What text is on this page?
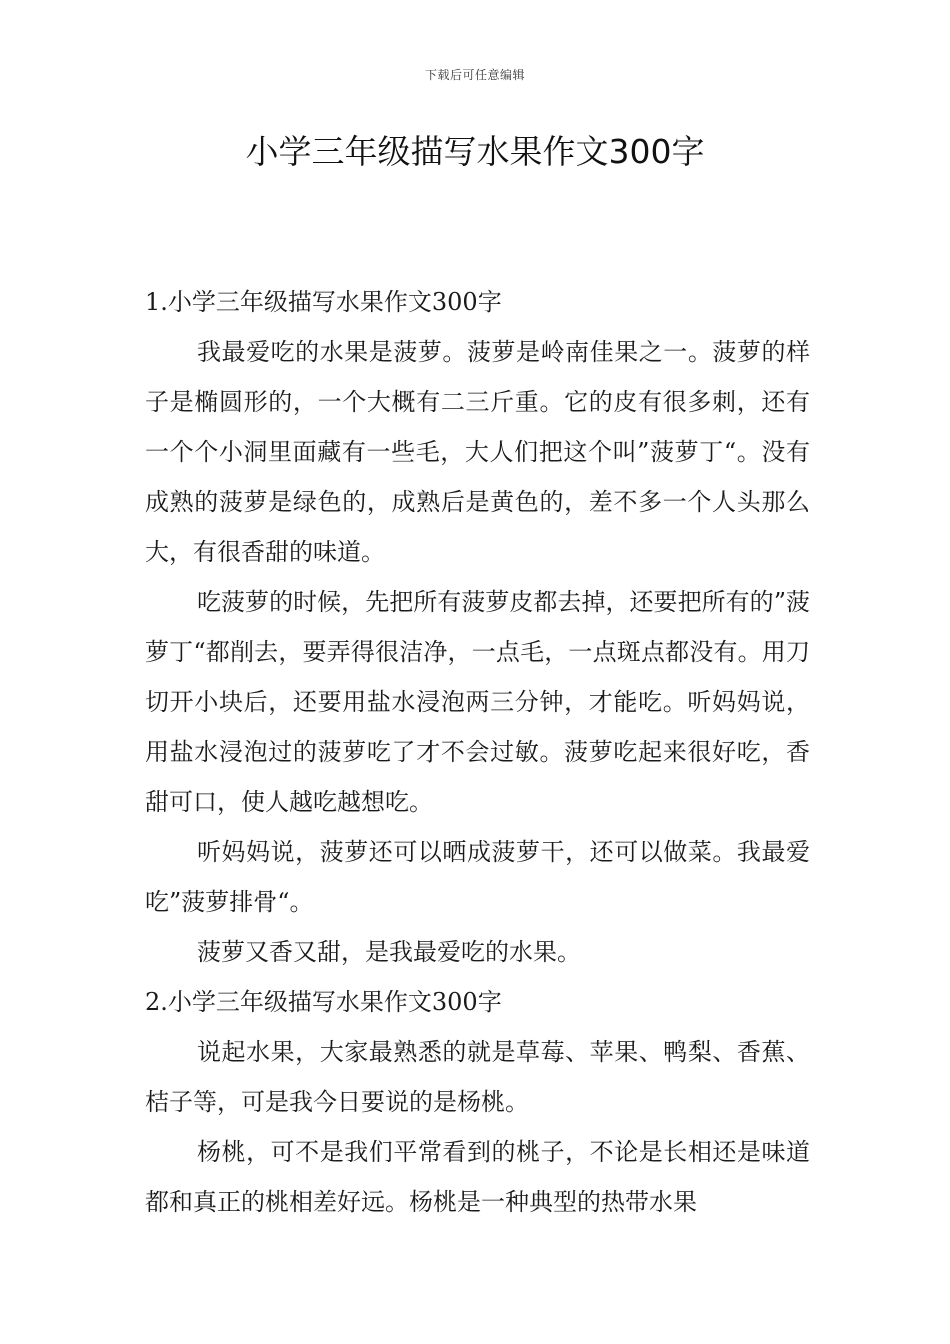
下载后可任意编辑
小学三年级描写水果作文300字
1.小学三年级描写水果作文300字

我最爱吃的水果是菠萝。菠萝是岭南佳果之一。菠萝的样子是椭圆形的，一个大概有二三斤重。它的皮有很多刺，还有一个个小洞里面藏有一些毛，大人们把这个叫”菠萝丁“。没有成熟的菠萝是绿色的，成熟后是黄色的，差不多一个人头那么大，有很香甜的味道。

吃菠萝的时候，先把所有菠萝皮都去掉，还要把所有的”菠萝丁“都削去，要弄得很洁净，一点毛，一点斑点都没有。用刀切开小块后，还要用盐水浸泡两三分钟，才能吃。听妈妈说，用盐水浸泡过的菠萝吃了才不会过敏。菠萝吃起来很好吃，香甜可口，使人越吃越想吃。

听妈妈说，菠萝还可以晒成菠萝干，还可以做菜。我最爱吃”菠萝排骨“。

菠萝又香又甜，是我最爱吃的水果。

2.小学三年级描写水果作文300字

说起水果，大家最熟悉的就是草莓、苹果、鸭梨、香蕉、桔子等，可是我今日要说的是杨桃。

杨桃，可不是我们平常看到的桃子，不论是长相还是味道都和真正的桃相差好远。杨桃是一种典型的热带水果
